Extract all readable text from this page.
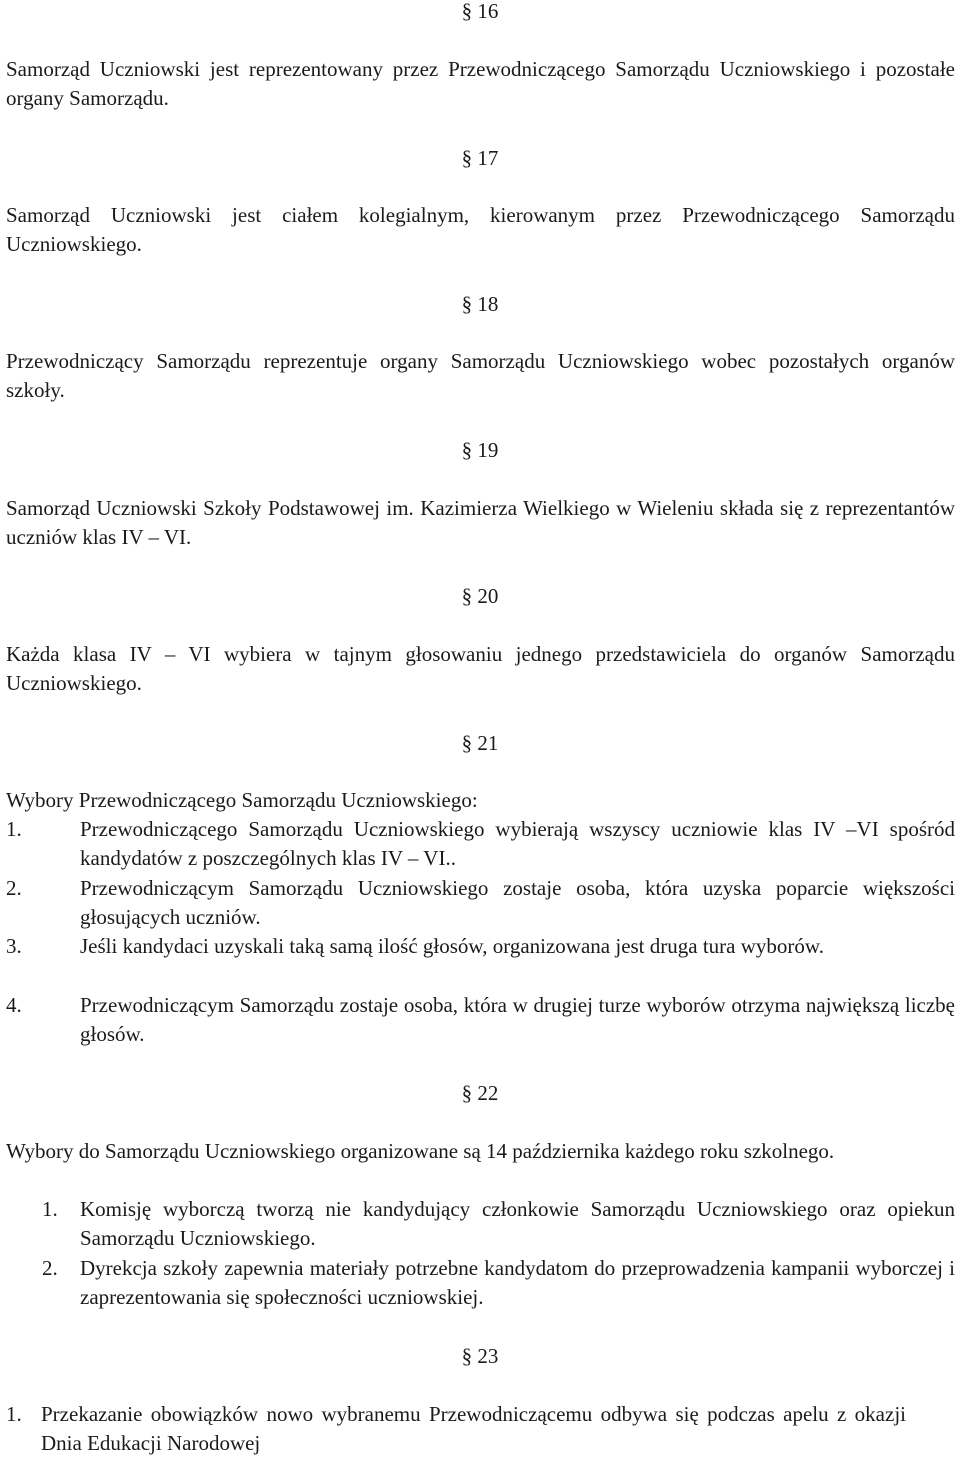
§ 16
Samorząd Uczniowski jest reprezentowany przez Przewodniczącego Samorządu Uczniowskiego i pozostałe organy Samorządu.
§ 17
Samorząd Uczniowski jest ciałem kolegialnym, kierowanym przez Przewodniczącego Samorządu Uczniowskiego.
§ 18
Przewodniczący Samorządu reprezentuje organy Samorządu Uczniowskiego wobec pozostałych organów szkoły.
§ 19
Samorząd Uczniowski Szkoły Podstawowej im. Kazimierza Wielkiego w Wieleniu składa się z reprezentantów uczniów klas IV – VI.
§ 20
Każda klasa IV – VI wybiera w tajnym głosowaniu jednego przedstawiciela do organów Samorządu Uczniowskiego.
§ 21
Wybory Przewodniczącego Samorządu Uczniowskiego:
1.	Przewodniczącego Samorządu Uczniowskiego wybierają wszyscy uczniowie klas IV –VI spośród kandydatów z poszczególnych klas IV – VI..
2.	Przewodniczącym Samorządu Uczniowskiego zostaje osoba, która uzyska poparcie większości głosujących uczniów.
3.	Jeśli kandydaci uzyskali taką samą ilość głosów, organizowana jest druga tura wyborów.
4.	Przewodniczącym Samorządu zostaje osoba, która w drugiej turze wyborów otrzyma największą liczbę głosów.
§ 22
Wybory do Samorządu Uczniowskiego organizowane są 14 października każdego roku szkolnego.
1. Komisję wyborczą tworzą nie kandydujący członkowie Samorządu Uczniowskiego oraz opiekun Samorządu Uczniowskiego.
2. Dyrekcja szkoły zapewnia materiały potrzebne kandydatom do przeprowadzenia kampanii wyborczej i zaprezentowania się społeczności uczniowskiej.
§ 23
1. Przekazanie obowiązków nowo wybranemu Przewodniczącemu odbywa się podczas apelu z okazji Dnia Edukacji Narodowej
